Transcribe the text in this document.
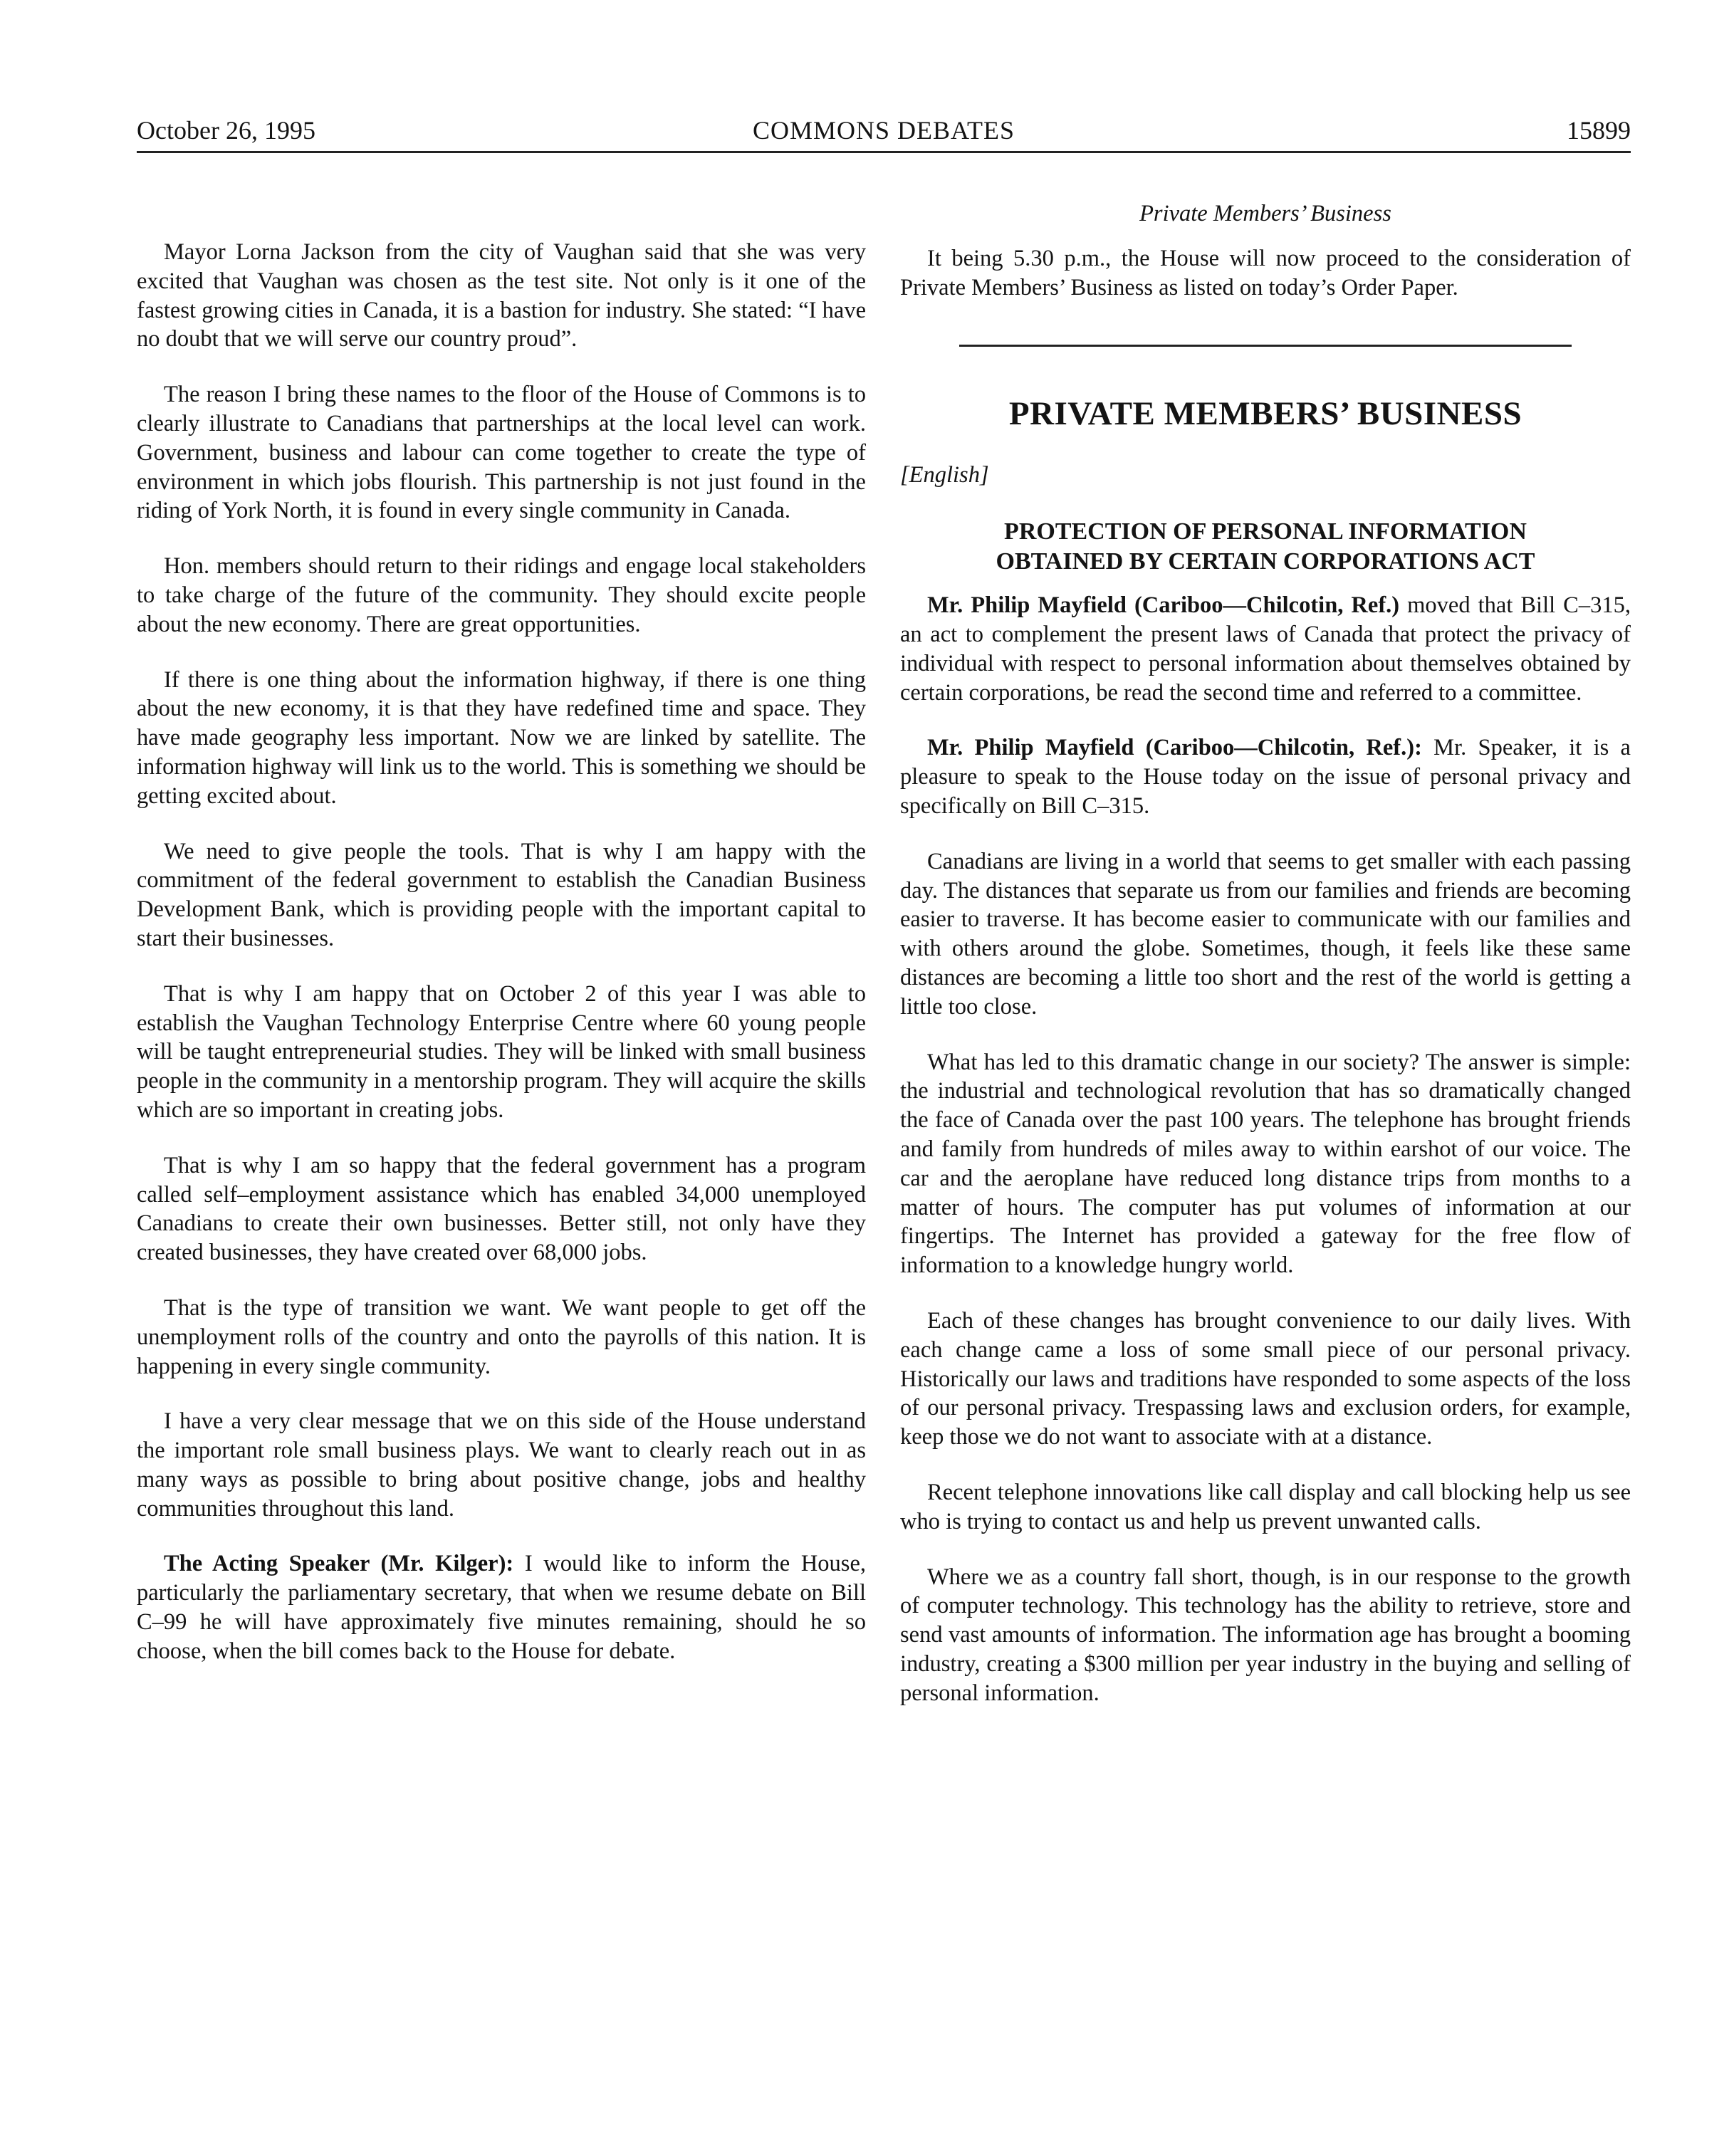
October 26, 1995	COMMONS DEBATES	15899

Mayor Lorna Jackson from the city of Vaughan said that she was very excited that Vaughan was chosen as the test site. Not only is it one of the fastest growing cities in Canada, it is a bastion for industry. She stated: “I have no doubt that we will serve our country proud”.

The reason I bring these names to the floor of the House of Commons is to clearly illustrate to Canadians that partnerships at the local level can work. Government, business and labour can come together to create the type of environment in which jobs flourish. This partnership is not just found in the riding of York North, it is found in every single community in Canada.

Hon. members should return to their ridings and engage local stakeholders to take charge of the future of the community. They should excite people about the new economy. There are great opportunities.

If there is one thing about the information highway, if there is one thing about the new economy, it is that they have redefined time and space. They have made geography less important. Now we are linked by satellite. The information highway will link us to the world. This is something we should be getting excited about.

We need to give people the tools. That is why I am happy with the commitment of the federal government to establish the Canadian Business Development Bank, which is providing people with the important capital to start their businesses.

That is why I am happy that on October 2 of this year I was able to establish the Vaughan Technology Enterprise Centre where 60 young people will be taught entrepreneurial studies. They will be linked with small business people in the community in a mentorship program. They will acquire the skills which are so important in creating jobs.

That is why I am so happy that the federal government has a program called self–employment assistance which has enabled 34,000 unemployed Canadians to create their own businesses. Better still, not only have they created businesses, they have created over 68,000 jobs.

That is the type of transition we want. We want people to get off the unemployment rolls of the country and onto the payrolls of this nation. It is happening in every single community.

I have a very clear message that we on this side of the House understand the important role small business plays. We want to clearly reach out in as many ways as possible to bring about positive change, jobs and healthy communities throughout this land.

The Acting Speaker (Mr. Kilger): I would like to inform the House, particularly the parliamentary secretary, that when we resume debate on Bill C–99 he will have approximately five minutes remaining, should he so choose, when the bill comes back to the House for debate.

Private Members’ Business

It being 5.30 p.m., the House will now proceed to the consideration of Private Members’ Business as listed on today’s Order Paper.

PRIVATE MEMBERS’ BUSINESS

[English]

PROTECTION OF PERSONAL INFORMATION
OBTAINED BY CERTAIN CORPORATIONS ACT

Mr. Philip Mayfield (Cariboo—Chilcotin, Ref.) moved that Bill C–315, an act to complement the present laws of Canada that protect the privacy of individual with respect to personal information about themselves obtained by certain corporations, be read the second time and referred to a committee.

Mr. Philip Mayfield (Cariboo—Chilcotin, Ref.): Mr. Speaker, it is a pleasure to speak to the House today on the issue of personal privacy and specifically on Bill C–315.

Canadians are living in a world that seems to get smaller with each passing day. The distances that separate us from our families and friends are becoming easier to traverse. It has become easier to communicate with our families and with others around the globe. Sometimes, though, it feels like these same distances are becoming a little too short and the rest of the world is getting a little too close.

What has led to this dramatic change in our society? The answer is simple: the industrial and technological revolution that has so dramatically changed the face of Canada over the past 100 years. The telephone has brought friends and family from hundreds of miles away to within earshot of our voice. The car and the aeroplane have reduced long distance trips from months to a matter of hours. The computer has put volumes of information at our fingertips. The Internet has provided a gateway for the free flow of information to a knowledge hungry world.

Each of these changes has brought convenience to our daily lives. With each change came a loss of some small piece of our personal privacy. Historically our laws and traditions have responded to some aspects of the loss of our personal privacy. Trespassing laws and exclusion orders, for example, keep those we do not want to associate with at a distance.

Recent telephone innovations like call display and call blocking help us see who is trying to contact us and help us prevent unwanted calls.

Where we as a country fall short, though, is in our response to the growth of computer technology. This technology has the ability to retrieve, store and send vast amounts of information. The information age has brought a booming industry, creating a $300 million per year industry in the buying and selling of personal information.
